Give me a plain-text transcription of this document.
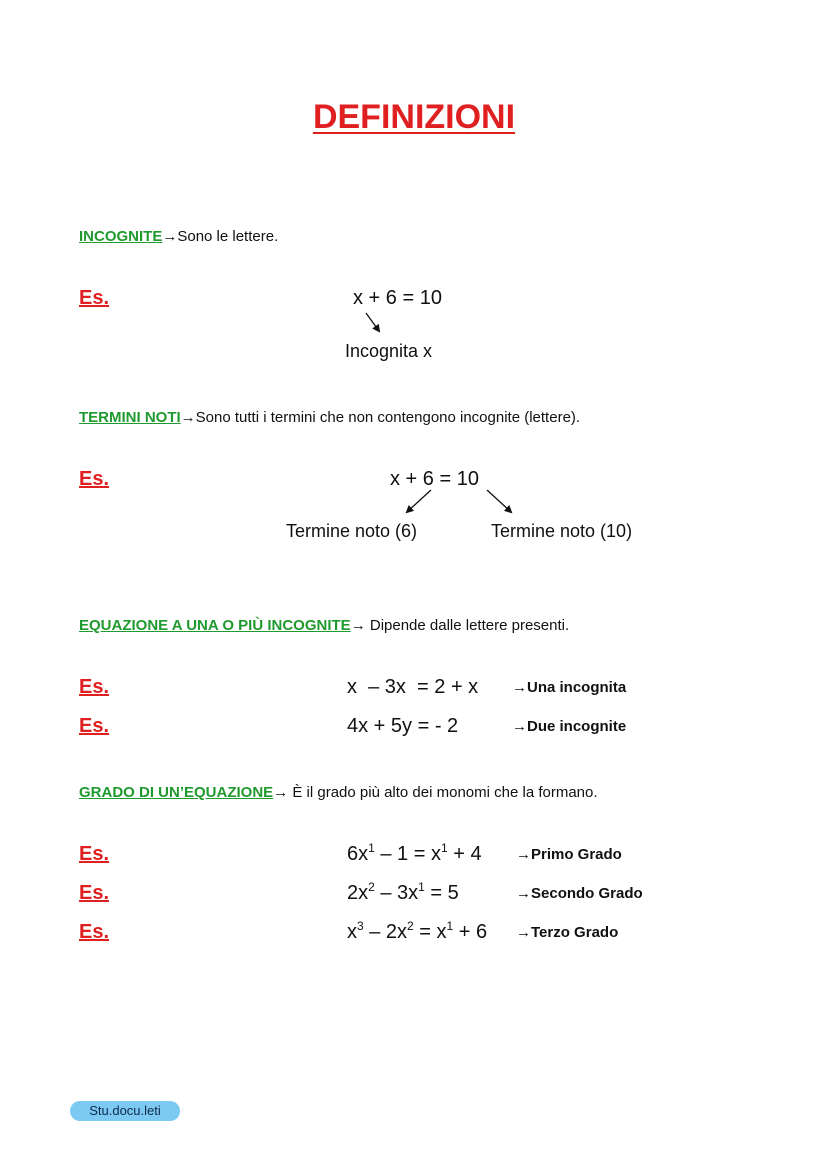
DEFINIZIONI
INCOGNITE→Sono le lettere.
Es.	x + 6 = 10
Incognita x
TERMINI NOTI→Sono tutti i termini che non contengono incognite (lettere).
Es.	x + 6 = 10
Termine noto (6)	Termine noto (10)
EQUAZIONE A UNA O PIÙ INCOGNITE→ Dipende dalle lettere presenti.
Es.	x  – 3x  = 2 + x →Una incognita
Es.	4x + 5y = - 2	→Due incognite
GRADO DI UN’EQUAZIONE→ È il grado più alto dei monomi che la formano.
Es.	$6x^1 - 1 = x^1 + 4$ →Primo Grado
Es.	$2x^2 - 3x^1 = 5$	→Secondo Grado
Es.	$x^3 - 2x^2 = x^1 + 6$ →Terzo Grado
Stu.docu.leti
